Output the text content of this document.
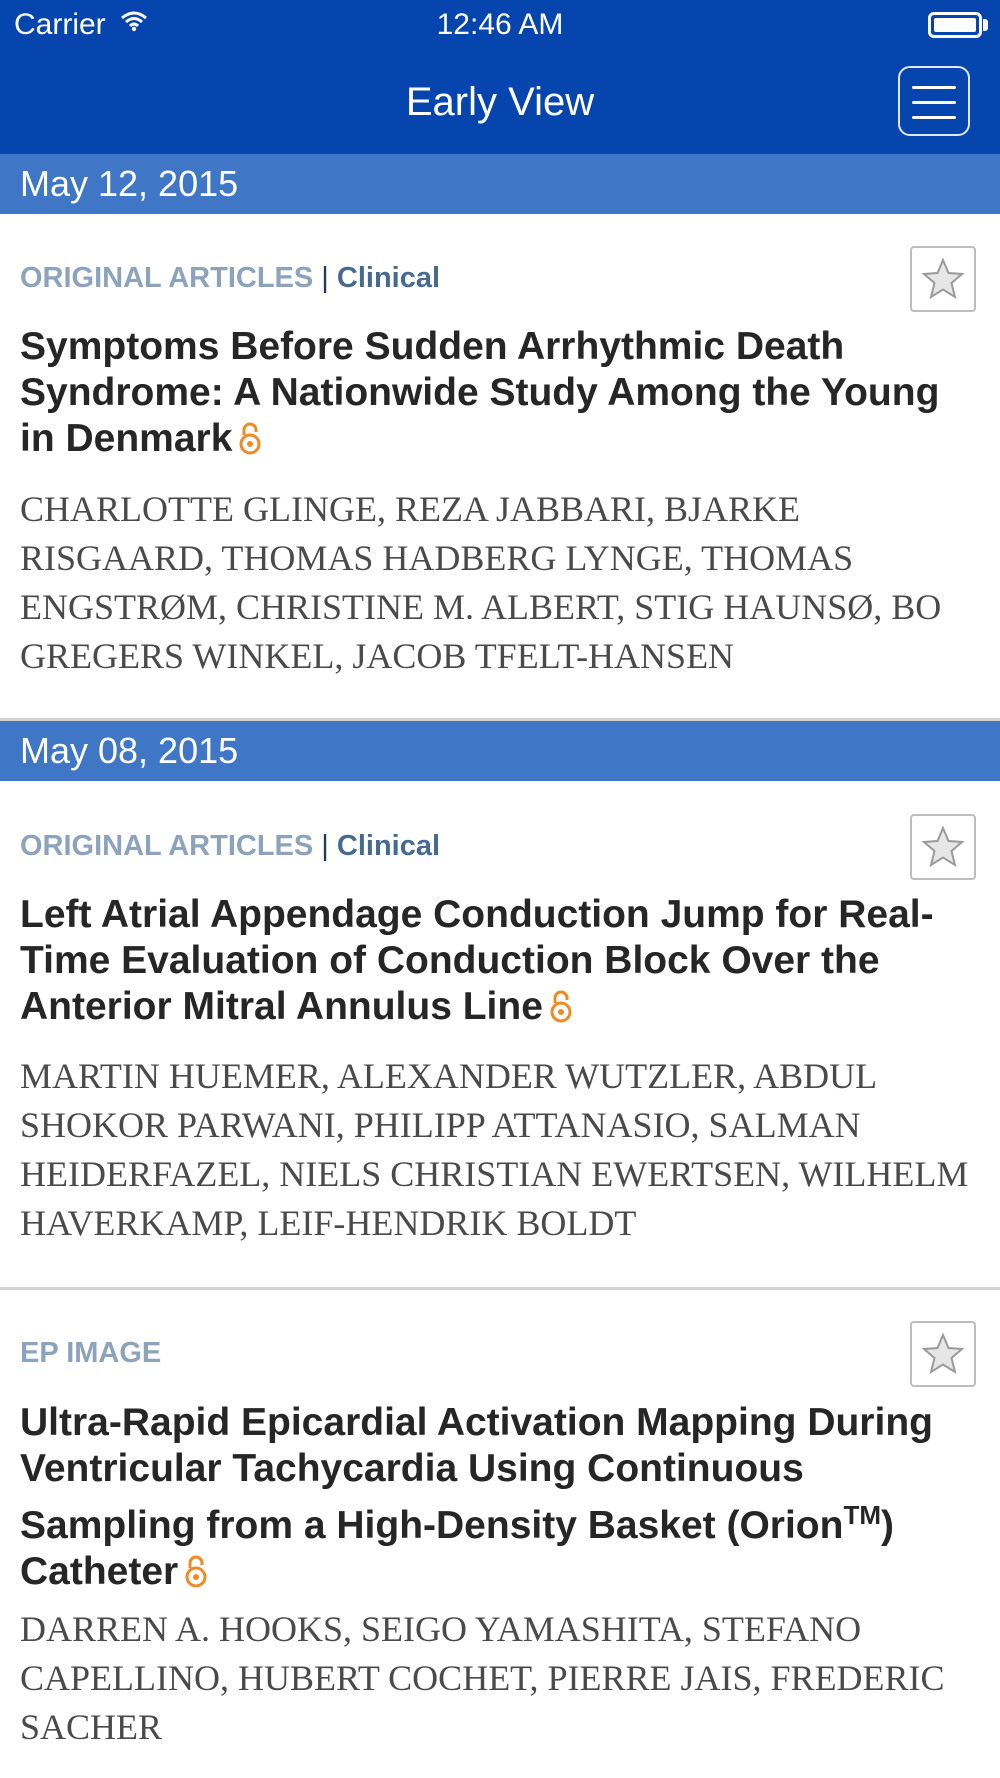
Carrier	12:46 AM
Early View
May 12, 2015
ORIGINAL ARTICLES | Clinical
Symptoms Before Sudden Arrhythmic Death Syndrome: A Nationwide Study Among the Young in Denmark
CHARLOTTE GLINGE, REZA JABBARI, BJARKE RISGAARD, THOMAS HADBERG LYNGE, THOMAS ENGSTRØM, CHRISTINE M. ALBERT, STIG HAUNSØ, BO GREGERS WINKEL, JACOB TFELT-HANSEN
May 08, 2015
ORIGINAL ARTICLES | Clinical
Left Atrial Appendage Conduction Jump for Real-Time Evaluation of Conduction Block Over the Anterior Mitral Annulus Line
MARTIN HUEMER, ALEXANDER WUTZLER, ABDUL SHOKOR PARWANI, PHILIPP ATTANASIO, SALMAN HEIDERFAZEL, NIELS CHRISTIAN EWERTSEN, WILHELM HAVERKAMP, LEIF-HENDRIK BOLDT
EP IMAGE
Ultra-Rapid Epicardial Activation Mapping During Ventricular Tachycardia Using Continuous Sampling from a High-Density Basket (Orion™) Catheter
DARREN A. HOOKS, SEIGO YAMASHITA, STEFANO CAPELLINO, HUBERT COCHET, PIERRE JAIS, FREDERIC SACHER
